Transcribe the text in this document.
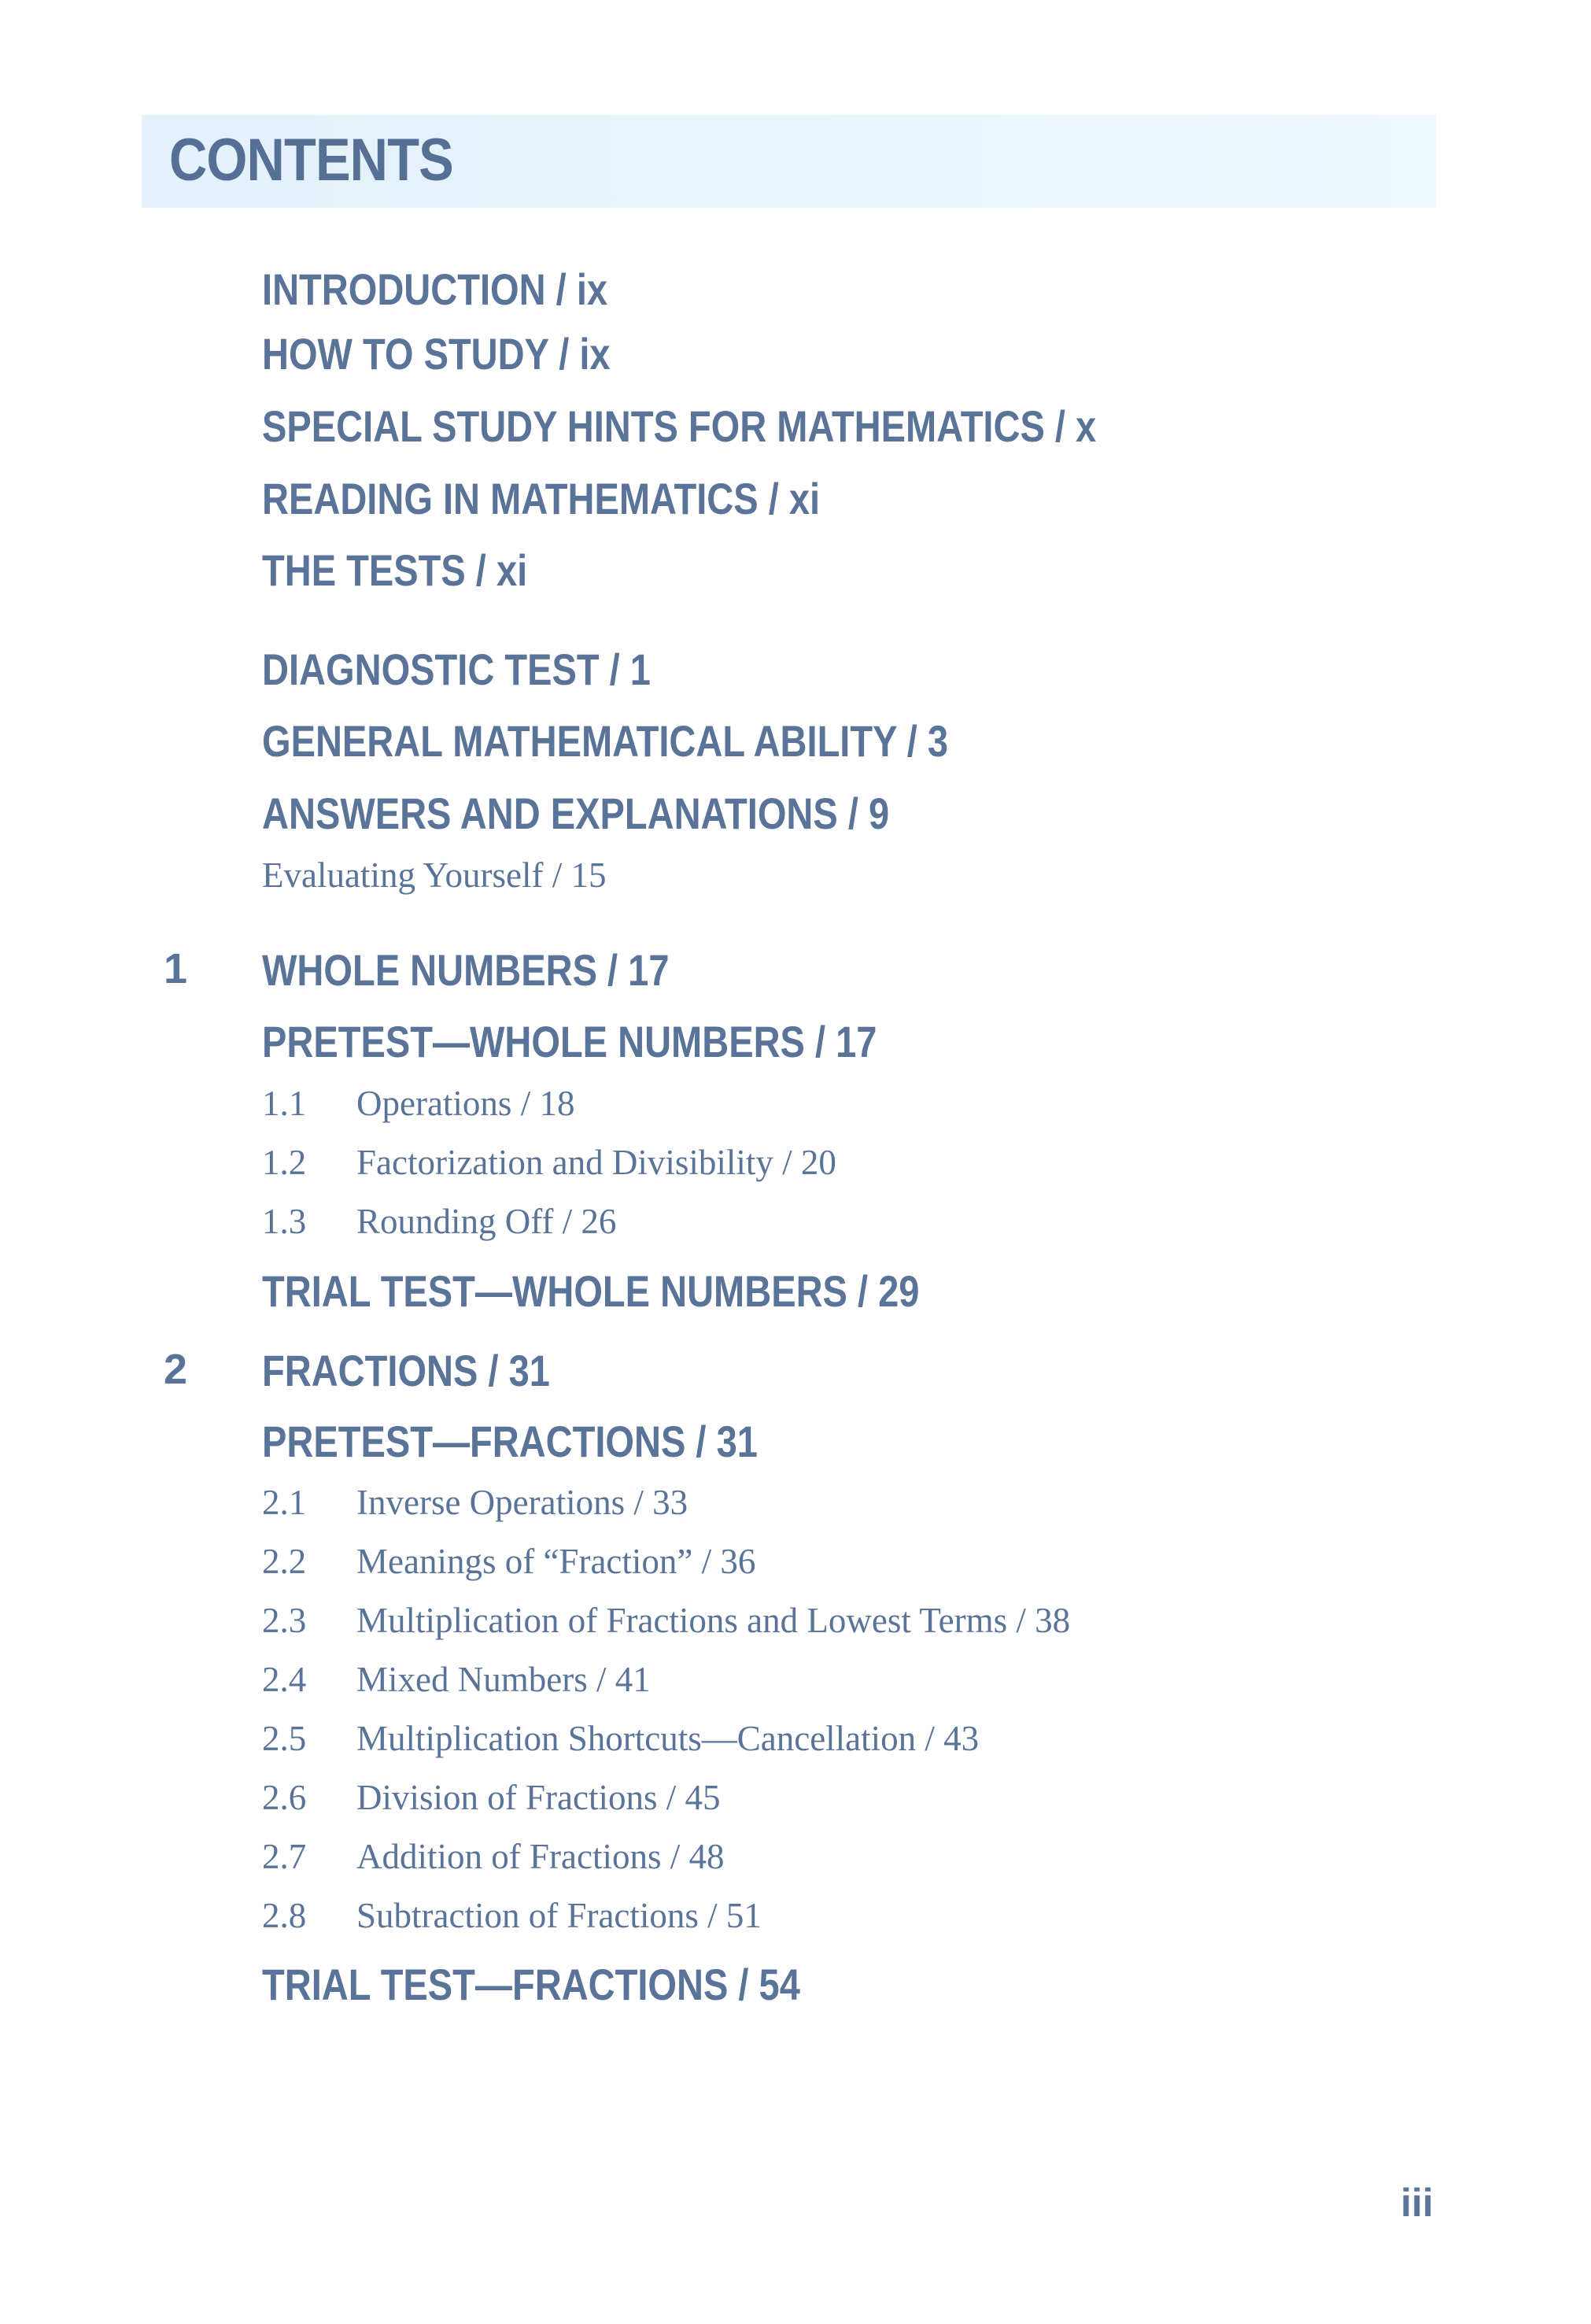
CONTENTS
INTRODUCTION / ix
HOW TO STUDY / ix
SPECIAL STUDY HINTS FOR MATHEMATICS / x
READING IN MATHEMATICS / xi
THE TESTS / xi
DIAGNOSTIC TEST / 1
GENERAL MATHEMATICAL ABILITY / 3
ANSWERS AND EXPLANATIONS / 9
Evaluating Yourself / 15
1 WHOLE NUMBERS / 17
PRETEST—WHOLE NUMBERS / 17
1.1 Operations / 18
1.2 Factorization and Divisibility / 20
1.3 Rounding Off / 26
TRIAL TEST—WHOLE NUMBERS / 29
2 FRACTIONS / 31
PRETEST—FRACTIONS / 31
2.1 Inverse Operations / 33
2.2 Meanings of “Fraction” / 36
2.3 Multiplication of Fractions and Lowest Terms / 38
2.4 Mixed Numbers / 41
2.5 Multiplication Shortcuts—Cancellation / 43
2.6 Division of Fractions / 45
2.7 Addition of Fractions / 48
2.8 Subtraction of Fractions / 51
TRIAL TEST—FRACTIONS / 54
iii
